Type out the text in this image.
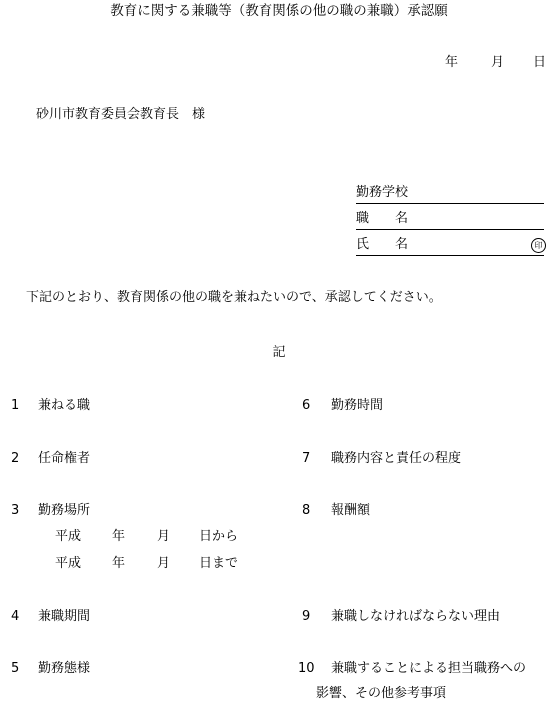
教育に関する兼職等（教育関係の他の職の兼職）承認願
年	月 日
砂川市教育委員会教育長　様
勤務学校
職　　名
氏　　名	印
下記のとおり、教育関係の他の職を兼ねたいので、承認してください。
記
1 兼ねる職
2 任命権者
3 勤務場所
平成 年 月 日から
平成 年 月 日まで
4 兼職期間
5 勤務態様
6 勤務時間
7 職務内容と責任の程度
8 報酬額
9 兼職しなければならない理由
10 兼職することによる担当職務への
影響、その他参考事項
